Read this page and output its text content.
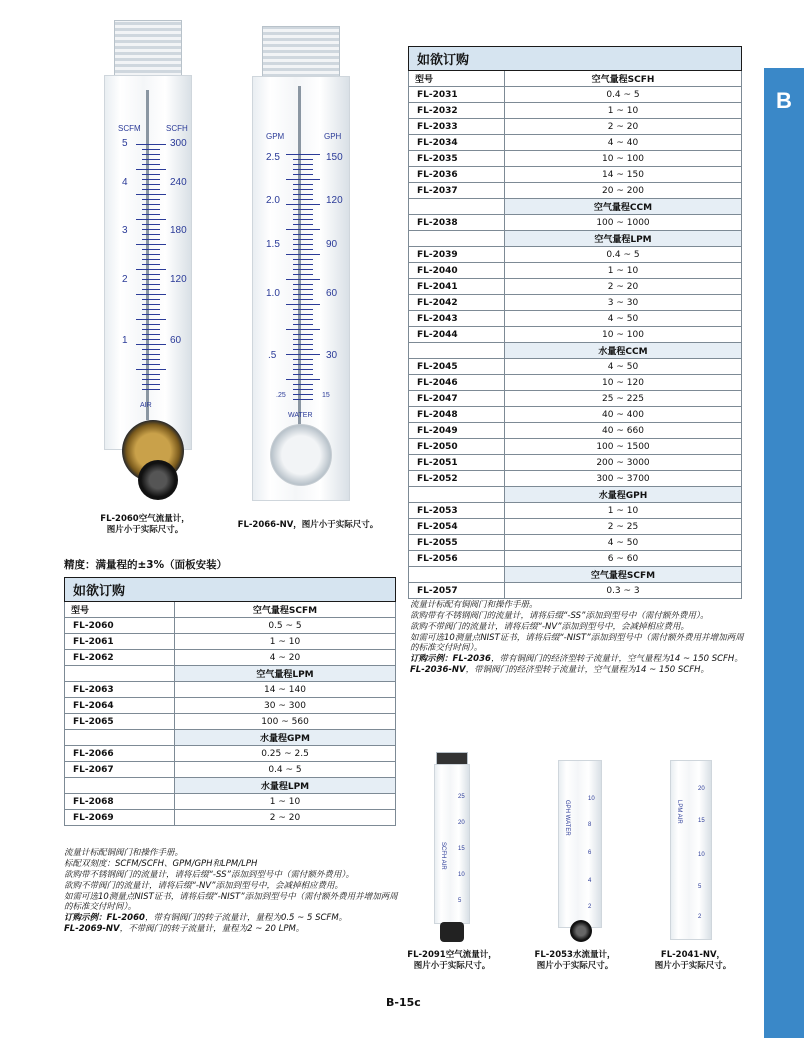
B
SCFM	SCFH
5
4
3
2
1
300
240
180
120
60
AIR
GPM	GPH
2.5
2.0
1.5
1.0
.5
.25
150
120
90
60
30
15
WATER
FL-2060空气流量计，
图片小于实际尺寸。	FL-2066-NV，图片小于实际尺寸。
精度：满量程的±3%（面板安装）
如欲订购	
型号	空气量程SCFM
FL-2060	0.5 ~ 5
FL-2061	1 ~ 10
FL-2062	4 ~ 20
	空气量程LPM
FL-2063	14 ~ 140
FL-2064	30 ~ 300
FL-2065	100 ~ 560
	水量程GPM
FL-2066	0.25 ~ 2.5
FL-2067	0.4 ~ 5
	水量程LPM
FL-2068	1 ~ 10
FL-2069	2 ~ 20

流量计标配铜阀门和操作手册。

标配双刻度：SCFM/SCFH、GPM/GPH和LPM/LPH

欲购带不锈钢阀门的流量计，请将后缀“-SS”添加到型号中（需付额外费用）。

欲购不带阀门的流量计，请将后缀“-NV”添加到型号中，会减掉相应费用。

如需可选10测量点NIST证书，请将后缀“-NIST”添加到型号中（需付额外费用并增加两周的标准交付时间）。

订购示例：FL-2060，带有铜阀门的转子流量计，量程为0.5 ~ 5 SCFM。

FL-2069-NV，不带阀门的转子流量计，量程为2 ~ 20 LPM。

如欲订购	
型号	空气量程SCFH
FL-2031	0.4 ~ 5
FL-2032	1 ~ 10
FL-2033	2 ~ 20
FL-2034	4 ~ 40
FL-2035	10 ~ 100
FL-2036	14 ~ 150
FL-2037	20 ~ 200
	空气量程CCM
FL-2038	100 ~ 1000
	空气量程LPM
FL-2039	0.4 ~ 5
FL-2040	1 ~ 10
FL-2041	2 ~ 20
FL-2042	3 ~ 30
FL-2043	4 ~ 50
FL-2044	10 ~ 100
	水量程CCM
FL-2045	4 ~ 50
FL-2046	10 ~ 120
FL-2047	25 ~ 225
FL-2048	40 ~ 400
FL-2049	40 ~ 660
FL-2050	100 ~ 1500
FL-2051	200 ~ 3000
FL-2052	300 ~ 3700
	水量程GPH
FL-2053	1 ~ 10
FL-2054	2 ~ 25
FL-2055	4 ~ 50
FL-2056	6 ~ 60
	空气量程SCFM
FL-2057	0.3 ~ 3

流量计标配有铜阀门和操作手册。

欲购带有不锈钢阀门的流量计，请将后缀“-SS”添加到型号中（需付额外费用）。

欲购不带阀门的流量计，请将后缀“-NV”添加到型号中，会减掉相应费用。

如需可选10测量点NIST证书，请将后缀“-NIST”添加到型号中（需付额外费用并增加两周的标准交付时间）。

订购示例：FL-2036，带有铜阀门的经济型转子流量计，空气量程为14 ~ 150 SCFH。

FL-2036-NV，带铜阀门的经济型转子流量计，空气量程为14 ~ 150 SCFH。

SCFH AIR
25
20
15
10
5
GPH WATER
10
8
6
4
2
LPM AIR
20
15
10
5
2
FL-2091空气流量计，
图片小于实际尺寸。
FL-2053水流量计，
图片小于实际尺寸。
FL-2041-NV，
图片小于实际尺寸。
B-15c
